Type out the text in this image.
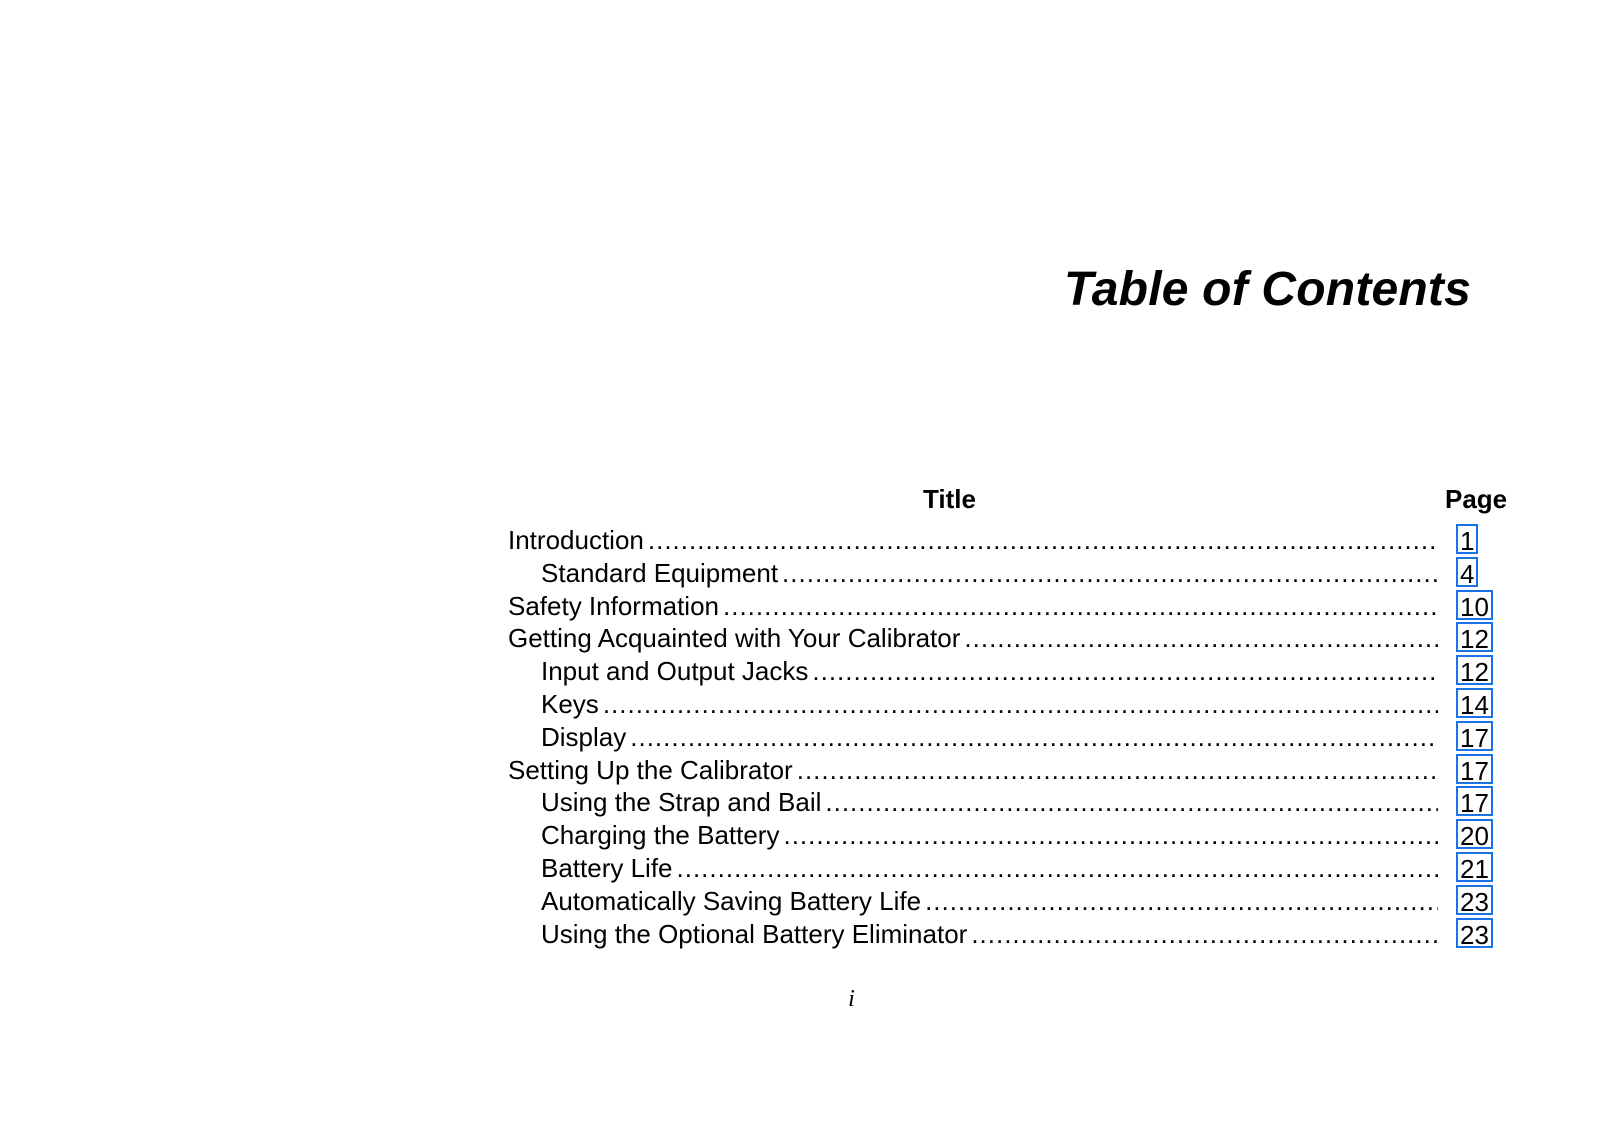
Table of Contents
Title	Page
Introduction .....	1
Standard Equipment .....	4
Safety Information .....	10
Getting Acquainted with Your Calibrator .....	12
Input and Output Jacks .....	12
Keys .....	14
Display .....	17
Setting Up the Calibrator .....	17
Using the Strap and Bail .....	17
Charging the Battery .....	20
Battery Life .....	21
Automatically Saving Battery Life .....	23
Using the Optional Battery Eliminator .....	23
i
